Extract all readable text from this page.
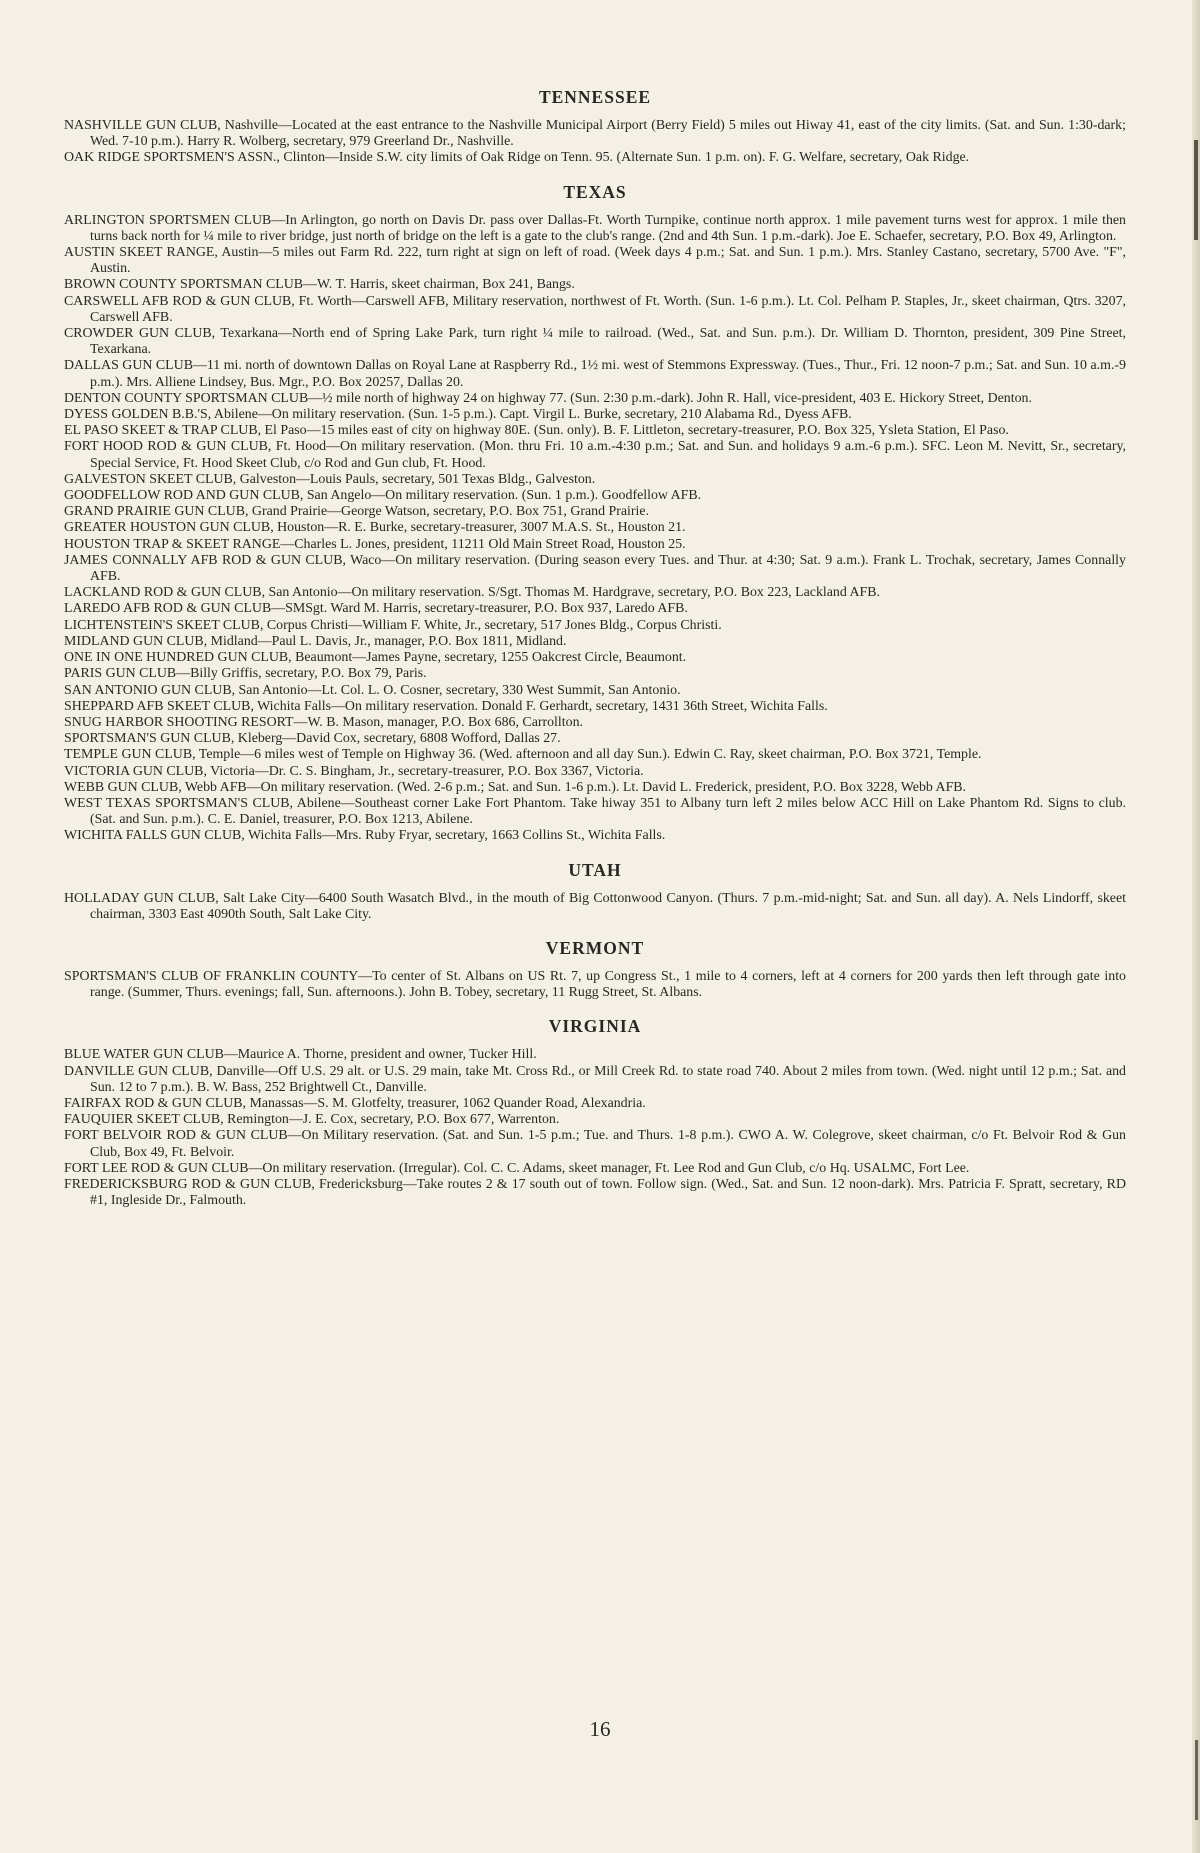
TENNESSEE

NASHVILLE GUN CLUB, Nashville—Located at the east entrance to the Nashville Municipal Airport (Berry Field) 5 miles out Hiway 41, east of the city limits. (Sat. and Sun. 1:30-dark; Wed. 7-10 p.m.). Harry R. Wolberg, secretary, 979 Greerland Dr., Nashville.

OAK RIDGE SPORTSMEN'S ASSN., Clinton—Inside S.W. city limits of Oak Ridge on Tenn. 95. (Alternate Sun. 1 p.m. on). F. G. Welfare, secretary, Oak Ridge.

TEXAS

ARLINGTON SPORTSMEN CLUB—In Arlington, go north on Davis Dr. pass over Dallas-Ft. Worth Turnpike, continue north approx. 1 mile pavement turns west for approx. 1 mile then turns back north for ¼ mile to river bridge, just north of bridge on the left is a gate to the club's range. (2nd and 4th Sun. 1 p.m.-dark). Joe E. Schaefer, secretary, P.O. Box 49, Arlington.

AUSTIN SKEET RANGE, Austin—5 miles out Farm Rd. 222, turn right at sign on left of road. (Week days 4 p.m.; Sat. and Sun. 1 p.m.). Mrs. Stanley Castano, secretary, 5700 Ave. "F", Austin.

BROWN COUNTY SPORTSMAN CLUB—W. T. Harris, skeet chairman, Box 241, Bangs.

CARSWELL AFB ROD & GUN CLUB, Ft. Worth—Carswell AFB, Military reservation, northwest of Ft. Worth. (Sun. 1-6 p.m.). Lt. Col. Pelham P. Staples, Jr., skeet chairman, Qtrs. 3207, Carswell AFB.

CROWDER GUN CLUB, Texarkana—North end of Spring Lake Park, turn right ¼ mile to railroad. (Wed., Sat. and Sun. p.m.). Dr. William D. Thornton, president, 309 Pine Street, Texarkana.

DALLAS GUN CLUB—11 mi. north of downtown Dallas on Royal Lane at Raspberry Rd., 1½ mi. west of Stemmons Expressway. (Tues., Thur., Fri. 12 noon-7 p.m.; Sat. and Sun. 10 a.m.-9 p.m.). Mrs. Alliene Lindsey, Bus. Mgr., P.O. Box 20257, Dallas 20.

DENTON COUNTY SPORTSMAN CLUB—½ mile north of highway 24 on highway 77. (Sun. 2:30 p.m.-dark). John R. Hall, vice-president, 403 E. Hickory Street, Denton.

DYESS GOLDEN B.B.'S, Abilene—On military reservation. (Sun. 1-5 p.m.). Capt. Virgil L. Burke, secretary, 210 Alabama Rd., Dyess AFB.

EL PASO SKEET & TRAP CLUB, El Paso—15 miles east of city on highway 80E. (Sun. only). B. F. Littleton, secretary-treasurer, P.O. Box 325, Ysleta Station, El Paso.

FORT HOOD ROD & GUN CLUB, Ft. Hood—On military reservation. (Mon. thru Fri. 10 a.m.-4:30 p.m.; Sat. and Sun. and holidays 9 a.m.-6 p.m.). SFC. Leon M. Nevitt, Sr., secretary, Special Service, Ft. Hood Skeet Club, c/o Rod and Gun club, Ft. Hood.

GALVESTON SKEET CLUB, Galveston—Louis Pauls, secretary, 501 Texas Bldg., Galveston.

GOODFELLOW ROD AND GUN CLUB, San Angelo—On military reservation. (Sun. 1 p.m.). Goodfellow AFB.

GRAND PRAIRIE GUN CLUB, Grand Prairie—George Watson, secretary, P.O. Box 751, Grand Prairie.

GREATER HOUSTON GUN CLUB, Houston—R. E. Burke, secretary-treasurer, 3007 M.A.S. St., Houston 21.

HOUSTON TRAP & SKEET RANGE—Charles L. Jones, president, 11211 Old Main Street Road, Houston 25.

JAMES CONNALLY AFB ROD & GUN CLUB, Waco—On military reservation. (During season every Tues. and Thur. at 4:30; Sat. 9 a.m.). Frank L. Trochak, secretary, James Connally AFB.

LACKLAND ROD & GUN CLUB, San Antonio—On military reservation. S/Sgt. Thomas M. Hardgrave, secretary, P.O. Box 223, Lackland AFB.

LAREDO AFB ROD & GUN CLUB—SMSgt. Ward M. Harris, secretary-treasurer, P.O. Box 937, Laredo AFB.

LICHTENSTEIN'S SKEET CLUB, Corpus Christi—William F. White, Jr., secretary, 517 Jones Bldg., Corpus Christi.

MIDLAND GUN CLUB, Midland—Paul L. Davis, Jr., manager, P.O. Box 1811, Midland.

ONE IN ONE HUNDRED GUN CLUB, Beaumont—James Payne, secretary, 1255 Oakcrest Circle, Beaumont.

PARIS GUN CLUB—Billy Griffis, secretary, P.O. Box 79, Paris.

SAN ANTONIO GUN CLUB, San Antonio—Lt. Col. L. O. Cosner, secretary, 330 West Summit, San Antonio.

SHEPPARD AFB SKEET CLUB, Wichita Falls—On military reservation. Donald F. Gerhardt, secretary, 1431 36th Street, Wichita Falls.

SNUG HARBOR SHOOTING RESORT—W. B. Mason, manager, P.O. Box 686, Carrollton.

SPORTSMAN'S GUN CLUB, Kleberg—David Cox, secretary, 6808 Wofford, Dallas 27.

TEMPLE GUN CLUB, Temple—6 miles west of Temple on Highway 36. (Wed. afternoon and all day Sun.). Edwin C. Ray, skeet chairman, P.O. Box 3721, Temple.

VICTORIA GUN CLUB, Victoria—Dr. C. S. Bingham, Jr., secretary-treasurer, P.O. Box 3367, Victoria.

WEBB GUN CLUB, Webb AFB—On military reservation. (Wed. 2-6 p.m.; Sat. and Sun. 1-6 p.m.). Lt. David L. Frederick, president, P.O. Box 3228, Webb AFB.

WEST TEXAS SPORTSMAN'S CLUB, Abilene—Southeast corner Lake Fort Phantom. Take hiway 351 to Albany turn left 2 miles below ACC Hill on Lake Phantom Rd. Signs to club. (Sat. and Sun. p.m.). C. E. Daniel, treasurer, P.O. Box 1213, Abilene.

WICHITA FALLS GUN CLUB, Wichita Falls—Mrs. Ruby Fryar, secretary, 1663 Collins St., Wichita Falls.

UTAH

HOLLADAY GUN CLUB, Salt Lake City—6400 South Wasatch Blvd., in the mouth of Big Cottonwood Canyon. (Thurs. 7 p.m.-mid-night; Sat. and Sun. all day). A. Nels Lindorff, skeet chairman, 3303 East 4090th South, Salt Lake City.

VERMONT

SPORTSMAN'S CLUB OF FRANKLIN COUNTY—To center of St. Albans on US Rt. 7, up Congress St., 1 mile to 4 corners, left at 4 corners for 200 yards then left through gate into range. (Summer, Thurs. evenings; fall, Sun. afternoons.). John B. Tobey, secretary, 11 Rugg Street, St. Albans.

VIRGINIA

BLUE WATER GUN CLUB—Maurice A. Thorne, president and owner, Tucker Hill.

DANVILLE GUN CLUB, Danville—Off U.S. 29 alt. or U.S. 29 main, take Mt. Cross Rd., or Mill Creek Rd. to state road 740. About 2 miles from town. (Wed. night until 12 p.m.; Sat. and Sun. 12 to 7 p.m.). B. W. Bass, 252 Brightwell Ct., Danville.

FAIRFAX ROD & GUN CLUB, Manassas—S. M. Glotfelty, treasurer, 1062 Quander Road, Alexandria.

FAUQUIER SKEET CLUB, Remington—J. E. Cox, secretary, P.O. Box 677, Warrenton.

FORT BELVOIR ROD & GUN CLUB—On Military reservation. (Sat. and Sun. 1-5 p.m.; Tue. and Thurs. 1-8 p.m.). CWO A. W. Colegrove, skeet chairman, c/o Ft. Belvoir Rod & Gun Club, Box 49, Ft. Belvoir.

FORT LEE ROD & GUN CLUB—On military reservation. (Irregular). Col. C. C. Adams, skeet manager, Ft. Lee Rod and Gun Club, c/o Hq. USALMC, Fort Lee.

FREDERICKSBURG ROD & GUN CLUB, Fredericksburg—Take routes 2 & 17 south out of town. Follow sign. (Wed., Sat. and Sun. 12 noon-dark). Mrs. Patricia F. Spratt, secretary, RD #1, Ingleside Dr., Falmouth.

16
